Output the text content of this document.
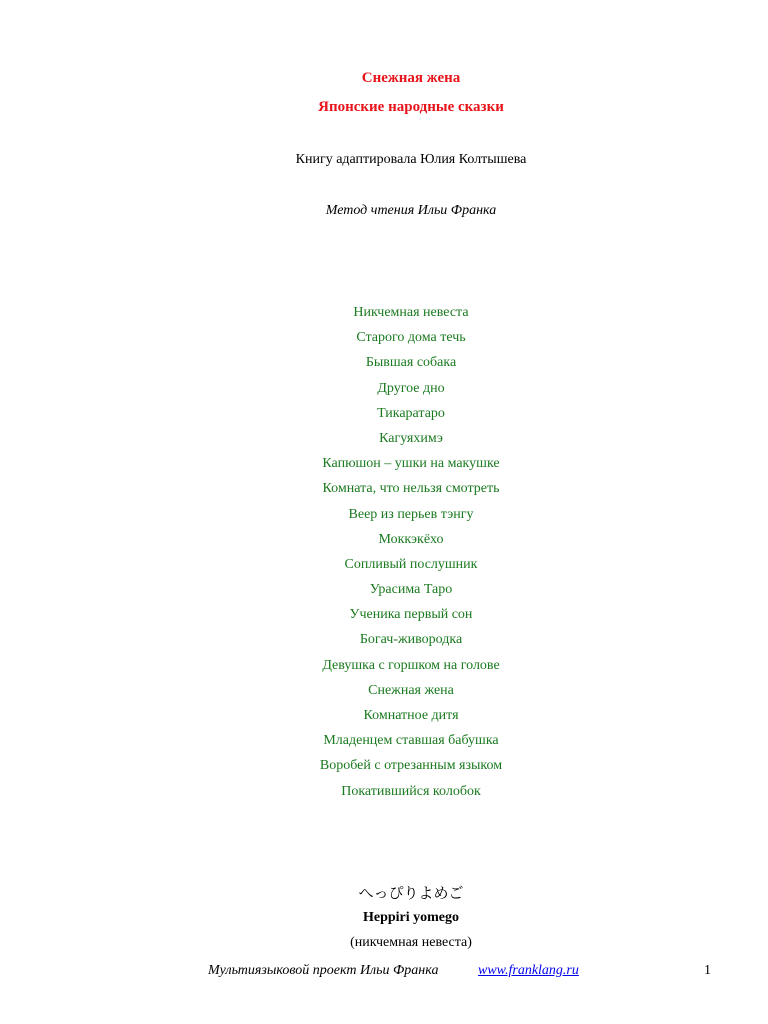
Снежная жена
Японские народные сказки
Книгу адаптировала Юлия Колтышева
Метод чтения Ильи Франка
Никчемная невеста
Старого дома течь
Бывшая собака
Другое дно
Тикаратаро
Кагуяхимэ
Капюшон – ушки на макушке
Комната, что нельзя смотреть
Веер из перьев тэнгу
Моккэкёхо
Сопливый послушник
Урасима Таро
Ученика первый сон
Богач-живородка
Девушка с горшком на голове
Снежная жена
Комнатное дитя
Младенцем ставшая бабушка
Воробей с отрезанным языком
Покатившийся колобок
へっぴりよめご
Heppiri yomego
(никчемная невеста)
Мультиязыковой проект Ильи Франка	www.franklang.ru	1
